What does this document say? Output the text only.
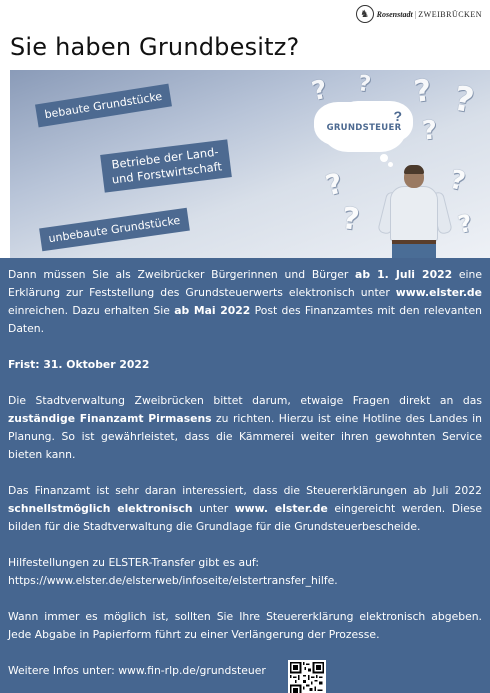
♞ Rosenstadt | ZWEIBRÜCKEN
Sie haben Grundbesitz?
bebaute Grundstücke
Betriebe der Land- und Forstwirtschaft
unbebaute Grundstücke
? ? ? ?
?
?
?
?
?
GRUNDSTEUER
?

Dann müssen Sie als Zweibrücker Bürgerinnen und Bürger ab 1. Juli 2022 eine Erklärung zur Feststellung des Grundsteuerwerts elektronisch unter www.elster.de einreichen. Dazu erhalten Sie ab Mai 2022 Post des Finanzamtes mit den relevanten Daten.

Frist: 31. Oktober 2022

Die Stadtverwaltung Zweibrücken bittet darum, etwaige Fragen direkt an das zuständige Finanzamt Pirmasens zu richten. Hierzu ist eine Hotline des Landes in Planung. So ist gewährleistet, dass die Kämmerei weiter ihren gewohnten Service bieten kann.

Das Finanzamt ist sehr daran interessiert, dass die Steuererklärungen ab Juli 2022 schnellstmöglich elektronisch unter www. elster.de eingereicht werden. Diese bilden für die Stadtverwaltung die Grundlage für die Grundsteuerbescheide.

Hilfestellungen zu ELSTER-Transfer gibt es auf:
https://www.elster.de/elsterweb/infoseite/elstertransfer_hilfe.

Wann immer es möglich ist, sollten Sie Ihre Steuererklärung elektronisch abgeben. Jede Abgabe in Papierform führt zu einer Verlängerung der Prozesse.

Weitere Infos unter: www.fin-rlp.de/grundsteuer
